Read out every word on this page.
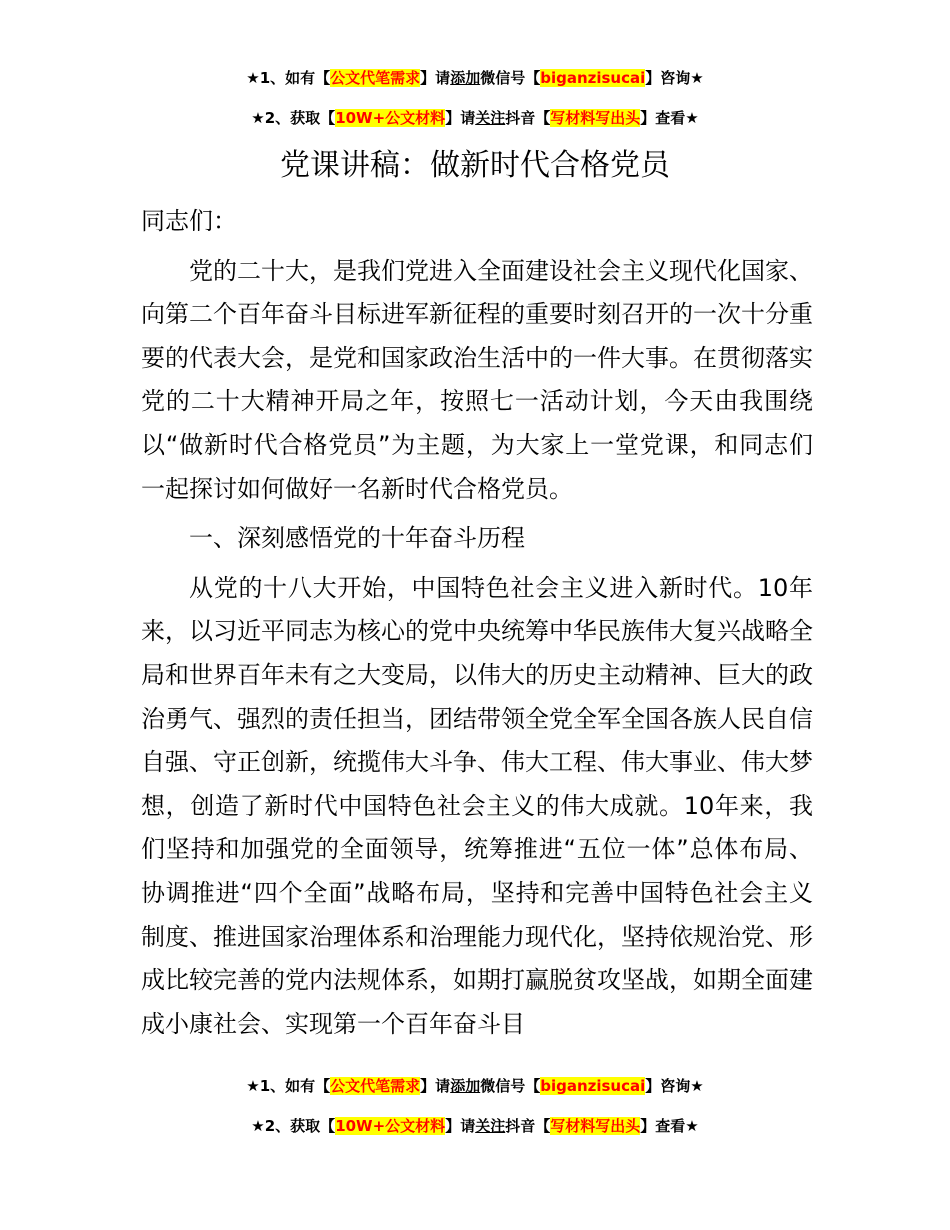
★1、如有【公文代笔需求】请添加微信号【biganzisucai】咨询★
★2、获取【10W+公文材料】请关注抖音【写材料写出头】查看★
党课讲稿：做新时代合格党员

同志们：

党的二十大，是我们党进入全面建设社会主义现代化国家、向第二个百年奋斗目标进军新征程的重要时刻召开的一次十分重要的代表大会，是党和国家政治生活中的一件大事。在贯彻落实党的二十大精神开局之年，按照七一活动计划，今天由我围绕以“做新时代合格党员”为主题，为大家上一堂党课，和同志们一起探讨如何做好一名新时代合格党员。

一、深刻感悟党的十年奋斗历程

从党的十八大开始，中国特色社会主义进入新时代。10年来，以习近平同志为核心的党中央统筹中华民族伟大复兴战略全局和世界百年未有之大变局，以伟大的历史主动精神、巨大的政治勇气、强烈的责任担当，团结带领全党全军全国各族人民自信自强、守正创新，统揽伟大斗争、伟大工程、伟大事业、伟大梦想，创造了新时代中国特色社会主义的伟大成就。10年来，我们坚持和加强党的全面领导，统筹推进“五位一体”总体布局、协调推进“四个全面”战略布局，坚持和完善中国特色社会主义制度、推进国家治理体系和治理能力现代化，坚持依规治党、形成比较完善的党内法规体系，如期打赢脱贫攻坚战，如期全面建成小康社会、实现第一个百年奋斗目

★1、如有【公文代笔需求】请添加微信号【biganzisucai】咨询★
★2、获取【10W+公文材料】请关注抖音【写材料写出头】查看★
